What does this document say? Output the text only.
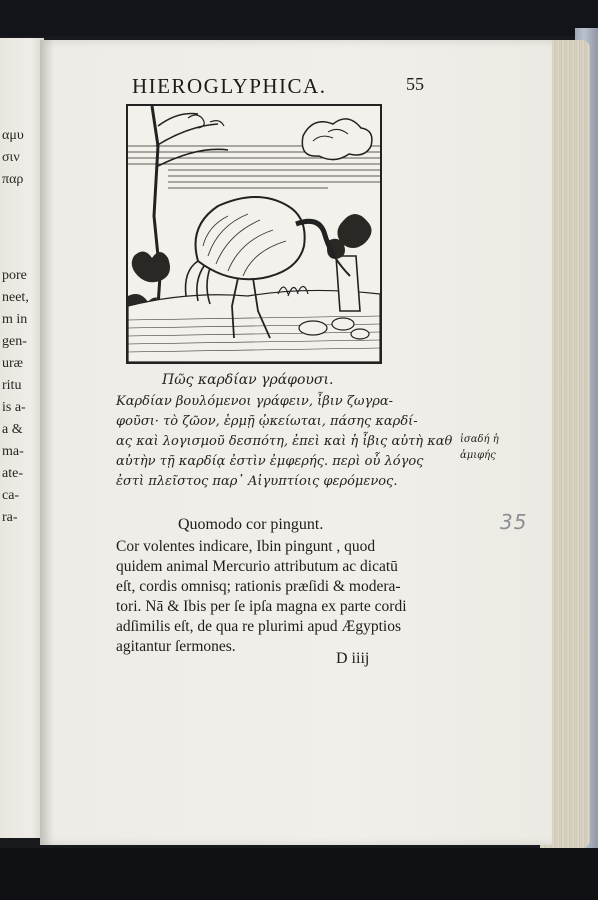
αμυ
σιν
παρ
pore
neet,
m in
gen-
uræ
ritu
is a-
a &
ma-
ate-
ca-
ra-
HIEROGLYPHICA.	55
Πῶς καρδίαν γράφουσι.
Καρδίαν βουλόμενοι γράφειν, ἶβιν ζωγρα-
φοῦσι· τὸ ζῶον, ἑρμῇ ᾠκείωται, πάσης καρδί-
ας καὶ λογισμοῦ δεσπότη, ἐπεὶ καὶ ἡ ἶβις αὐτὴ καθ
αὐτὴν τῇ καρδίᾳ ἐστὶν ἐμφερής. περὶ οὗ λόγος
ἐστὶ πλεῖστος παρ᾽ Αἰγυπτίοις φερόμενος.
ἰσαδή ἡ
ἀμιφής
Quomodo cor pingunt.
Cor volentes indicare, Ibin pingunt , quod
quidem animal Mercurio attributum ac dicatū
eſt, cordis omnisq; rationis præſidi & modera-
tori. Nā & Ibis per ſe ipſa magna ex parte cordi
adſimilis eſt, de qua re plurimi apud Ægyptios
agitantur ſermones.
D iiij
35
